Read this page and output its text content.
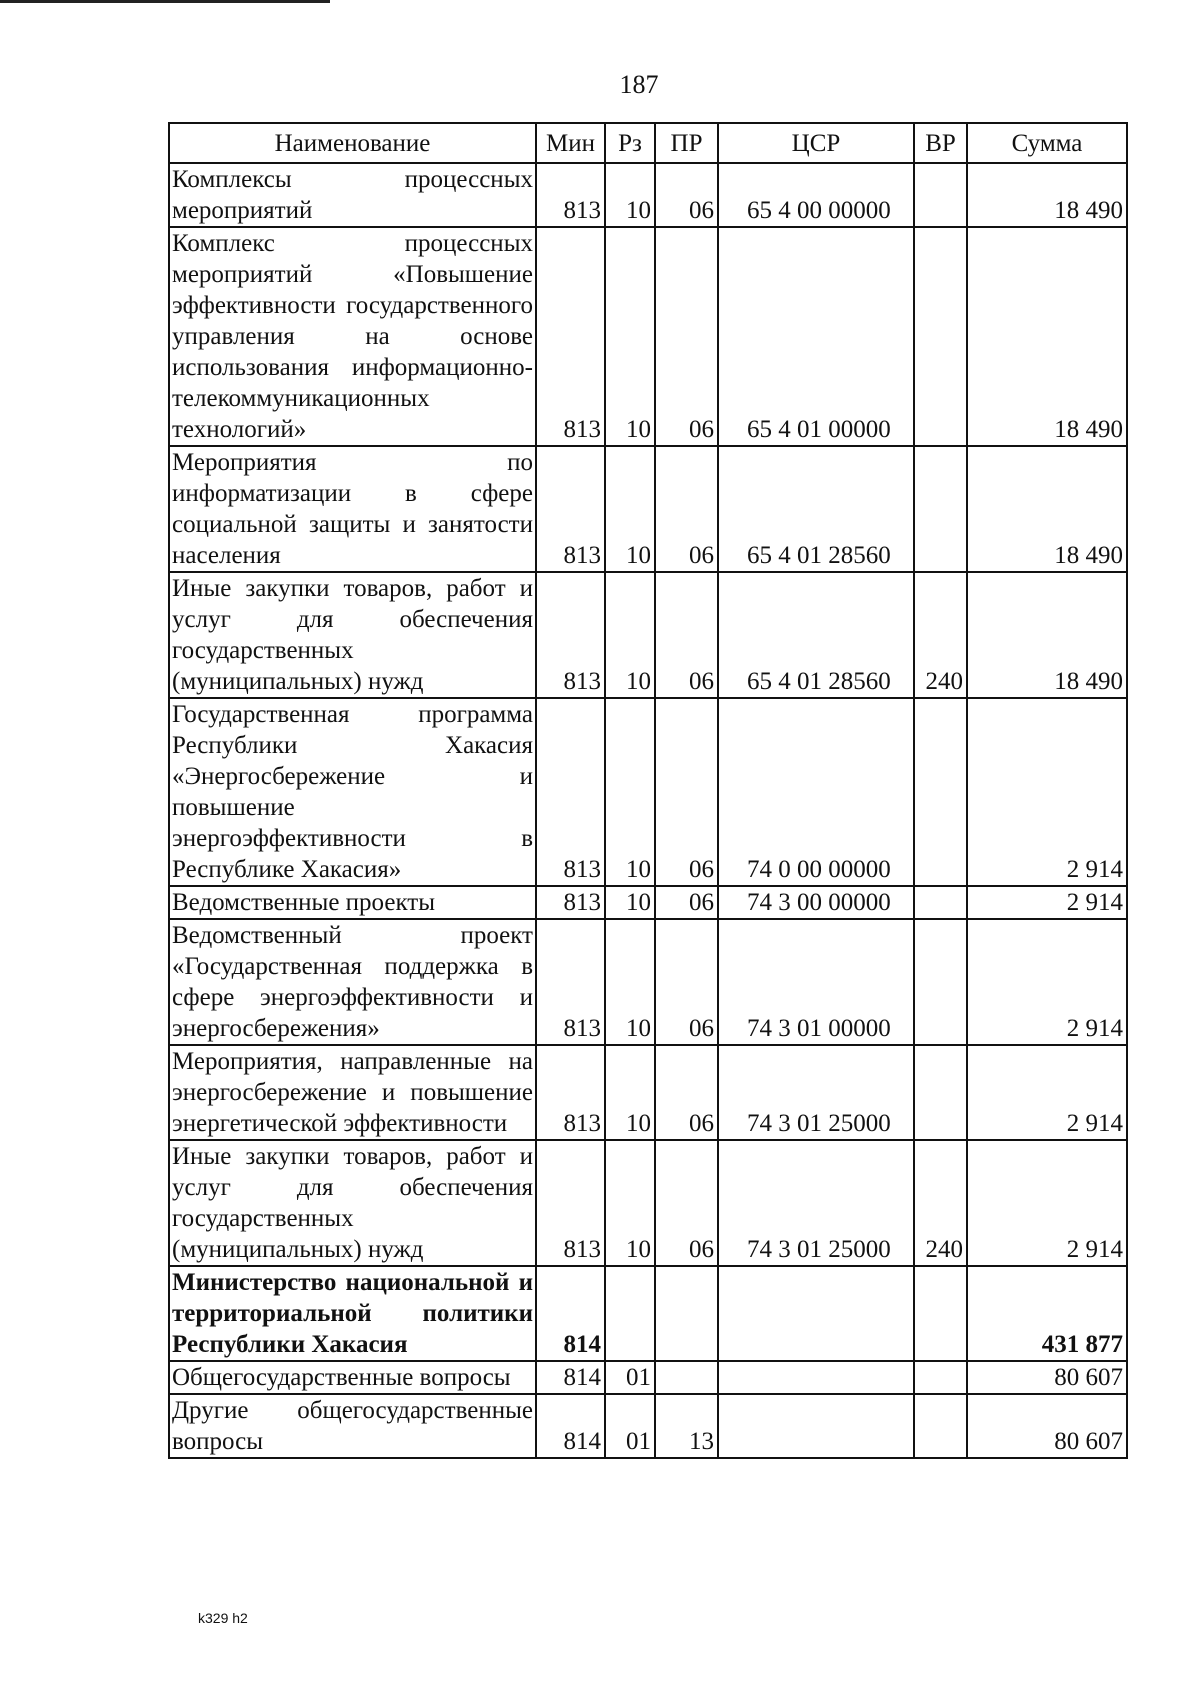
187
Наименование	Мин	Рз	ПР	ЦСР	ВР	Сумма
Комплексы процессных мероприятий	813	10	06	65 4 00 00000		18 490
Комплекс процессных мероприятий «Повышение эффективности государственного управления на основе использования информационно-телекоммуникационных технологий»	813	10	06	65 4 01 00000		18 490
Мероприятия по информатизации в сфере социальной защиты и занятости населения	813	10	06	65 4 01 28560		18 490
Иные закупки товаров, работ и услуг для обеспечения государственных (муниципальных) нужд	813	10	06	65 4 01 28560	240	18 490
Государственная программа Республики Хакасия «Энергосбережение и повышение энергоэффективности в Республике Хакасия»	813	10	06	74 0 00 00000		2 914
Ведомственные проекты	813	10	06	74 3 00 00000		2 914
Ведомственный проект «Государственная поддержка в сфере энергоэффективности и энергосбережения»	813	10	06	74 3 01 00000		2 914
Мероприятия, направленные на энергосбережение и повышение энергетической эффективности	813	10	06	74 3 01 25000		2 914
Иные закупки товаров, работ и услуг для обеспечения государственных (муниципальных) нужд	813	10	06	74 3 01 25000	240	2 914
Министерство национальной и территориальной политики Республики Хакасия	814					431 877
Общегосударственные вопросы	814	01				80 607
Другие общегосударственные вопросы	814	01	13			80 607
k329 h2
